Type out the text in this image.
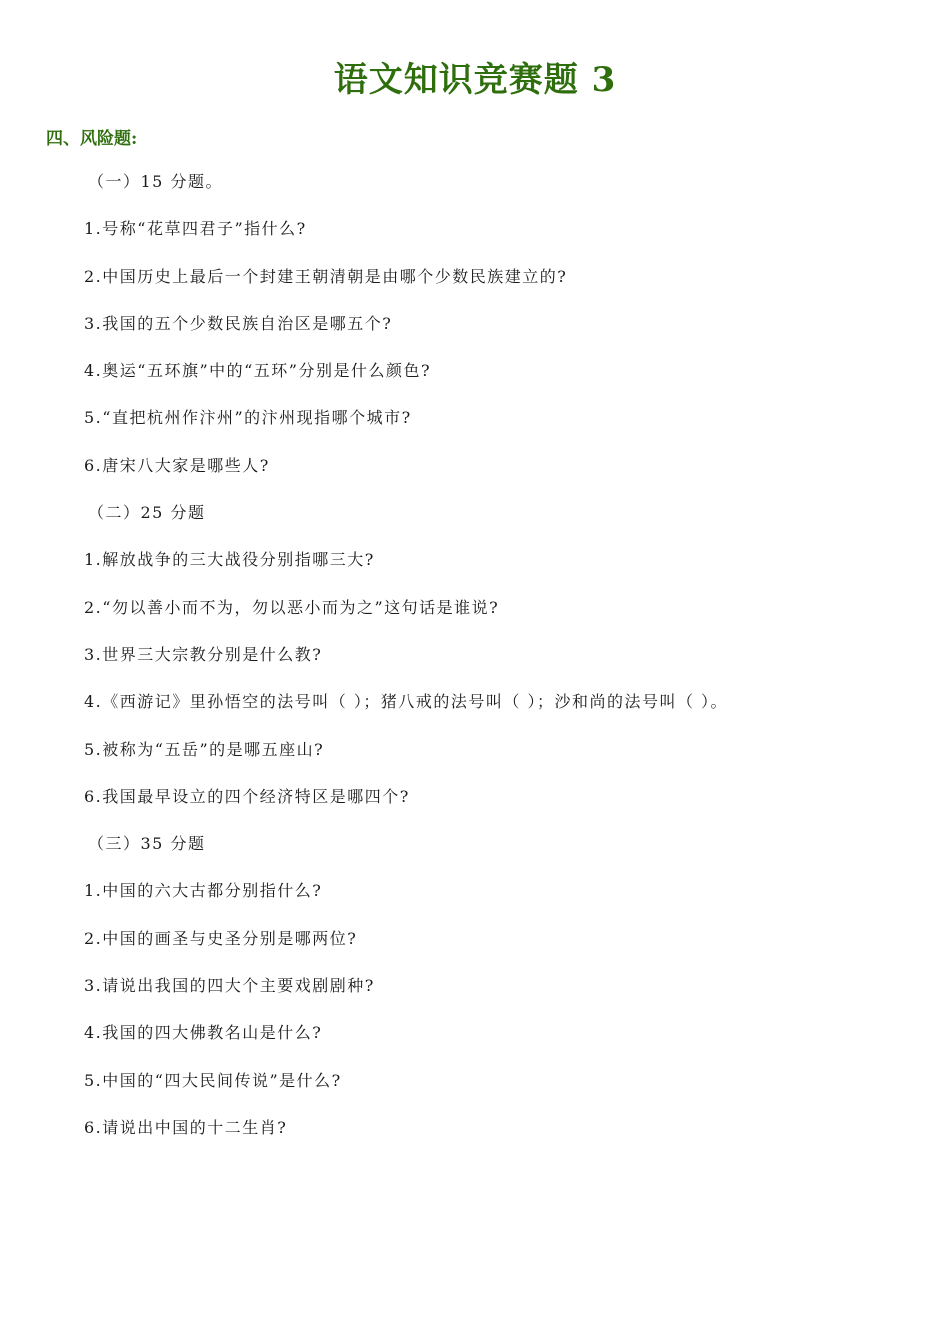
语文知识竞赛题 3
四、风险题:
（一）15 分题。
1.号称“花草四君子”指什么?
2.中国历史上最后一个封建王朝清朝是由哪个少数民族建立的?
3.我国的五个少数民族自治区是哪五个?
4.奥运“五环旗”中的“五环”分别是什么颜色?
5.“直把杭州作汴州”的汴州现指哪个城市?
6.唐宋八大家是哪些人?
（二）25 分题
1.解放战争的三大战役分别指哪三大?
2.“勿以善小而不为，勿以恶小而为之”这句话是谁说?
3.世界三大宗教分别是什么教?
4.《西游记》里孙悟空的法号叫（ ）；猪八戒的法号叫（ ）；沙和尚的法号叫（ ）。
5.被称为“五岳”的是哪五座山?
6.我国最早设立的四个经济特区是哪四个?
（三）35 分题
1.中国的六大古都分别指什么?
2.中国的画圣与史圣分别是哪两位?
3.请说出我国的四大个主要戏剧剧种?
4.我国的四大佛教名山是什么?
5.中国的“四大民间传说”是什么?
6.请说出中国的十二生肖?
